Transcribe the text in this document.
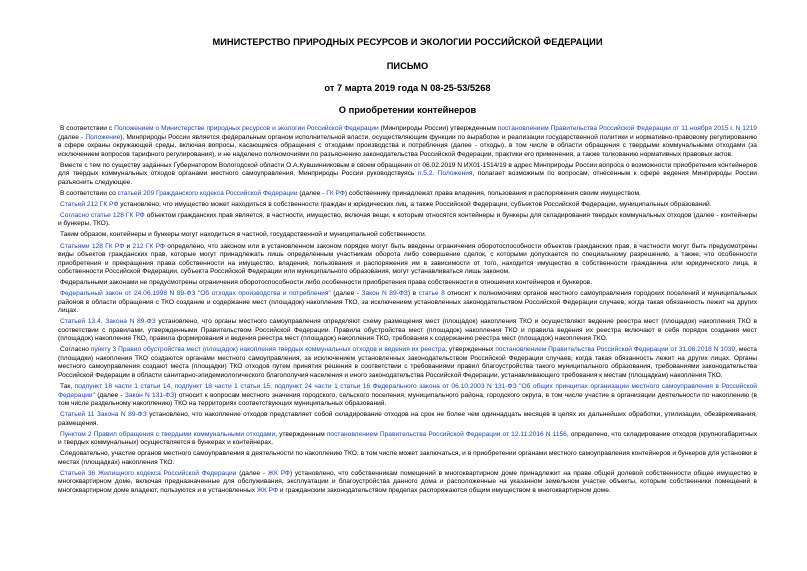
МИНИСТЕРСТВО ПРИРОДНЫХ РЕСУРСОВ И ЭКОЛОГИИ РОССИЙСКОЙ ФЕДЕРАЦИИ
ПИСЬМО
от 7 марта 2019 года N 08-25-53/5268
О приобретении контейнеров

В соответствии с Положением о Министерстве природных ресурсов и экологии Российской Федерации (Минприроды России) утвержденным постановлением Правительства Российской Федерации от 11 ноября 2015 г. N 1219 (далее - Положение), Минприроды России является федеральным органом исполнительной власти, осуществляющим функции по выработке и реализации государственной политики и нормативно-правовому регулированию в сфере охраны окружающей среды, включая вопросы, касающиеся обращения с отходами производства и потребления (далее - отходы), в том числе в области обращения с твердыми коммунальными отходами (за исключением вопросов тарифного регулирования), и не наделено полномочиями по разъяснению законодательства Российской Федерации, практики его применения, а также толкованию нормативных правовых актов.

Вместе с тем по существу заданных Губернатором Вологодской области О.А.Кувшинниковым в своем обращении от 06.02.2019 N ИХ01-1514/19 в адрес Минприроды России вопроса о возможности приобретения контейнеров для твердых коммунальных отходов органами местного самоуправления, Минприроды России руководствуясь п.5.2. Положения, полагает возможным по вопросам, отнесенным к сфере ведения Минприроды России разъяснить следующее.

В соответствии со статьей 209 Гражданского кодекса Российской Федерации (далее - ГК РФ) собственнику принадлежат права владения, пользования и распоряжения своим имуществом.

Статьей 212 ГК РФ установлено, что имущество может находиться в собственности граждан и юридических лиц, а также Российской Федерации, субъектов Российской Федерации, муниципальных образований.

Согласно статье 128 ГК РФ объектом гражданских прав является, в частности, имущество, включая вещи, к которым относятся контейнеры и бункеры для складирования твердых коммунальных отходов (далее - контейнеры и бункеры, ТКО).

Таким образом, контейнеры и бункеры могут находиться в частной, государственной и муниципальной собственности.

Статьями 128 ГК РФ и 212 ГК РФ определено, что законом или в установленном законом порядке могут быть введены ограничения оборотоспособности объектов гражданских прав, в частности могут быть предусмотрены виды объектов гражданских прав, которые могут принадлежать лишь определенным участникам оборота либо совершение сделок, с которыми допускается по специальному разрешению, а также, что особенности приобретения и прекращения права собственности на имущество, владения, пользования и распоряжения им в зависимости от того, находится имущество в собственности гражданина или юридического лица, в собственности Российской Федерации, субъекта Российской Федерации или муниципального образования, могут устанавливаться лишь законом.

Федеральными законами не предусмотрены ограничения оборотоспособности либо особенности приобретения права собственности в отношении контейнеров и бункеров.

Федеральный закон от 24.06.1998 N 89-ФЗ "Об отходах производства и потребления" (далее - Закон N 89-ФЗ) в статье 8 относит к полномочиям органов местного самоуправления городских поселений и муниципальных районов в области обращения с ТКО создание и содержание мест (площадок) накопления ТКО, за исключением установленных законодательством Российской Федерации случаев, когда такая обязанность лежит на других лицах.

Статьей 13.4. Закона N 89-ФЗ установлено, что органы местного самоуправления определяют схему размещения мест (площадок) накопления ТКО и осуществляют ведение реестра мест (площадок) накопления ТКО в соответствии с правилами, утвержденными Правительством Российской Федерации. Правила обустройства мест (площадок) накопления ТКО и правила ведения их реестра включают в себя порядок создания мест (площадок) накопления ТКО, правила формирования и ведения реестра мест (площадок) накопления ТКО, требования к содержанию реестра мест (площадок) накопления ТКО.

Согласно пункту 3 Правил обустройства мест (площадок) накопления твердых коммунальных отходов и ведения их реестра, утвержденных постановлением Правительства Российской Федерации от 31.08.2018 N 1039, места (площадки) накопления ТКО создаются органами местного самоуправления, за исключением установленных законодательством Российской Федерации случаев, когда такая обязанность лежит на других лицах. Органы местного самоуправления создают места (площадки) ТКО отходов путем принятия решения в соответствии с требованиями правил благоустройства такого муниципального образования, требованиями законодательства Российской Федерации в области санитарно-эпидемиологического благополучия населения и иного законодательства Российской Федерации, устанавливающего требования к местам (площадкам) накопления ТКО.

Так, подпункт 18 части 1 статьи 14, подпункт 18 части 1 статьи 15, подпункт 24 части 1 статьи 16 Федерального закона от 06.10.2003 N 131-ФЗ "Об общих принципах организации местного самоуправления в Российской Федерации" (далее - Закон N 131-ФЗ) относит к вопросам местного значения городского, сельского поселения, муниципального района, городского округа, в том числе участие в организации деятельности по накоплению (в том числе раздельному накоплению) ТКО на территориях соответствующих муниципальных образований.

Статьей 11 Закона N 89-ФЗ установлено, что накопление отходов представляет собой складирование отходов на срок не более чем одиннадцать месяцев в целях их дальнейших обработки, утилизации, обезвреживания, размещения.

Пунктом 2 Правил обращения с твердыми коммунальными отходами, утвержденным постановлением Правительства Российской Федерации от 12.11.2016 N 1156, определено, что складирование отходов (крупногабаритных и твердых коммунальных) осуществляется в бункерах и контейнерах.

Следовательно, участие органов местного самоуправления в деятельности по накоплению ТКО, в том числе может заключаться, и в приобретении органами местного самоуправления контейнеров и бункеров для установки в местах (площадках) накопления ТКО.

Статьей 36 Жилищного кодекса Российской Федерации (далее - ЖК РФ) установлено, что собственникам помещений в многоквартирном доме принадлежит на праве общей долевой собственности общее имущество в многоквартирном доме, включая предназначенные для обслуживания, эксплуатации и благоустройства данного дома и расположенные на указанном земельном участке объекты, которым собственники помещений в многоквартирном доме владеют, пользуются и в установленных ЖК РФ и гражданским законодательством пределах распоряжаются общим имуществом в многоквартирном доме.
